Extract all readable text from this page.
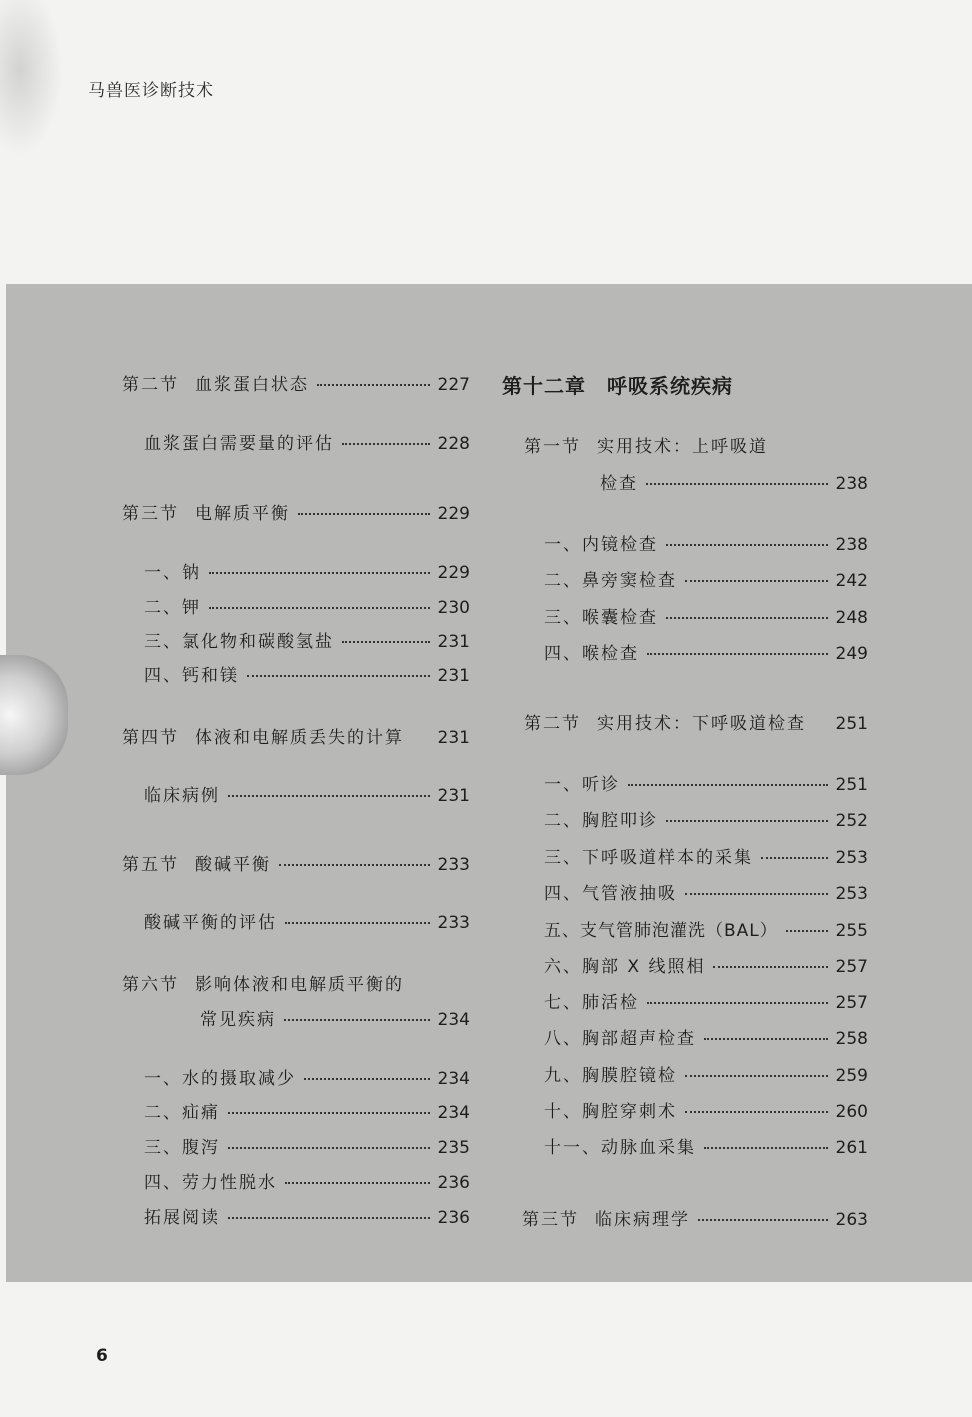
马兽医诊断技术
第二节 血浆蛋白状态	227
血浆蛋白需要量的评估	228
第三节 电解质平衡	229
一、钠	229
二、钾	230
三、氯化物和碳酸氢盐	231
四、钙和镁	231
第四节 体液和电解质丢失的计算 231
临床病例	231
第五节 酸碱平衡	233
酸碱平衡的评估	233
第六节 影响体液和电解质平衡的
常见疾病	234
一、水的摄取减少	234
二、疝痛	234
三、腹泻	235
四、劳力性脱水	236
拓展阅读	236
第十二章　呼吸系统疾病
第一节 实用技术：上呼吸道
检查	238
一、内镜检查	238
二、鼻旁窦检查	242
三、喉囊检查	248
四、喉检查	249
第二节 实用技术：下呼吸道检查 251
一、听诊	251
二、胸腔叩诊	252
三、下呼吸道样本的采集	253
四、气管液抽吸	253
五、支气管肺泡灌洗（BAL）	255
六、胸部 X 线照相	257
七、肺活检	257
八、胸部超声检查	258
九、胸膜腔镜检	259
十、胸腔穿刺术	260
十一、动脉血采集	261
第三节 临床病理学	263
6
